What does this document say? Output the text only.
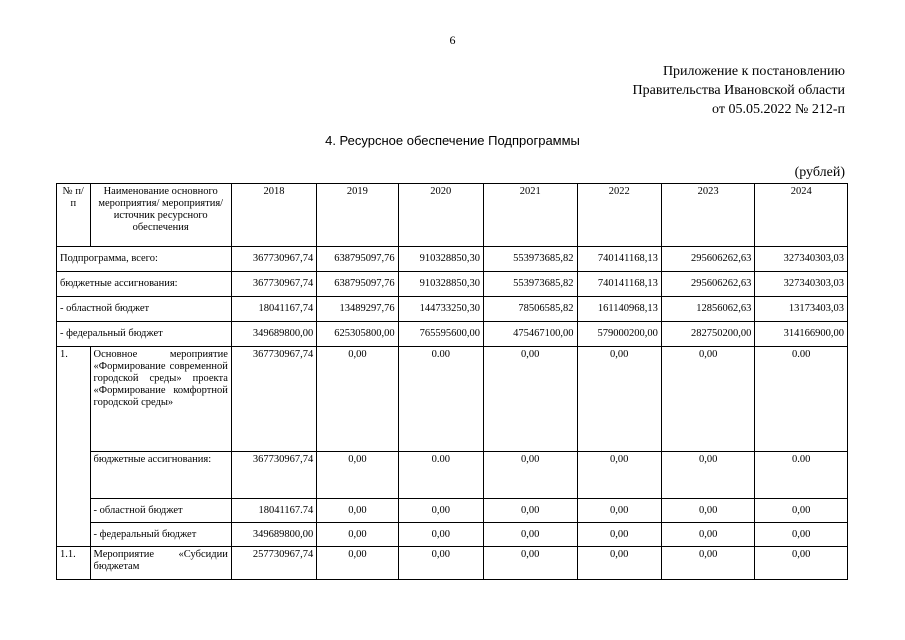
6
Приложение к постановлению
Правительства Ивановской области
от 05.05.2022 № 212-п
4. Ресурсное обеспечение Подпрограммы
(рублей)
№ п/п	Наименование основного мероприятия/ мероприятия/источник ресурсного обеспечения	2018	2019	2020	2021	2022	2023	2024
Подпрограмма, всего:		367730967,74	638795097,76	910328850,30	553973685,82	740141168,13	295606262,63	327340303,03
бюджетные ассигнования:		367730967,74	638795097,76	910328850,30	553973685,82	740141168,13	295606262,63	327340303,03
- областной бюджет		18041167,74	13489297,76	144733250,30	78506585,82	161140968,13	12856062,63	13173403,03
- федеральный бюджет		349689800,00	625305800,00	765595600,00	475467100,00	579000200,00	282750200,00	314166900,00
1.	Основное мероприятие «Формирование современной городской среды» проекта «Формирование комфортной городской среды»	367730967,74	0,00	0.00	0,00	0,00	0,00	0.00
	бюджетные ассигнования:	367730967,74	0,00	0.00	0,00	0,00	0,00	0.00
	- областной бюджет	18041167.74	0,00	0,00	0,00	0,00	0,00	0,00
	- федеральный бюджет	349689800,00	0,00	0,00	0,00	0,00	0,00	0,00
1.1.	Мероприятие «Субсидии бюджетам	257730967,74	0,00	0,00	0,00	0,00	0,00	0,00
